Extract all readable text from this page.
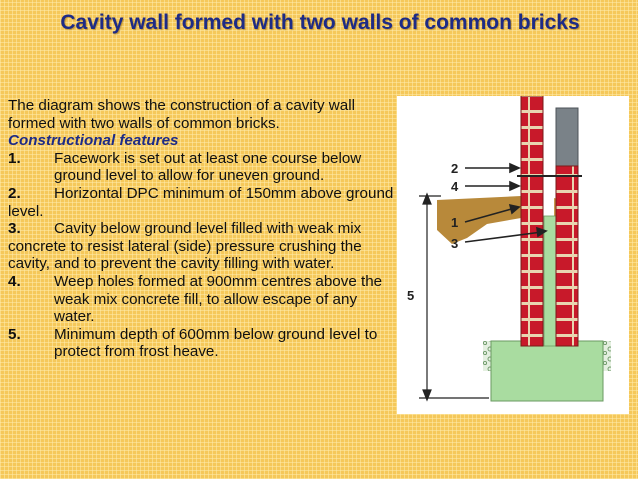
Cavity wall formed with two walls of common bricks

The diagram shows the construction of a cavity wall formed with two walls of common bricks.

Constructional features

1.	Facework is set out at least one course below ground level to allow for uneven ground.

2. Horizontal DPC minimum of 150mm above ground level.

3. Cavity below ground level filled with weak mix concrete to resist lateral (side) pressure crushing the cavity, and to prevent the cavity filling with water.

4.	Weep holes formed at 900mm centres above the weak mix concrete fill, to allow escape of any water.
5.	Minimum depth of 600mm below ground level to protect from frost heave.
2
4
1
3
5
